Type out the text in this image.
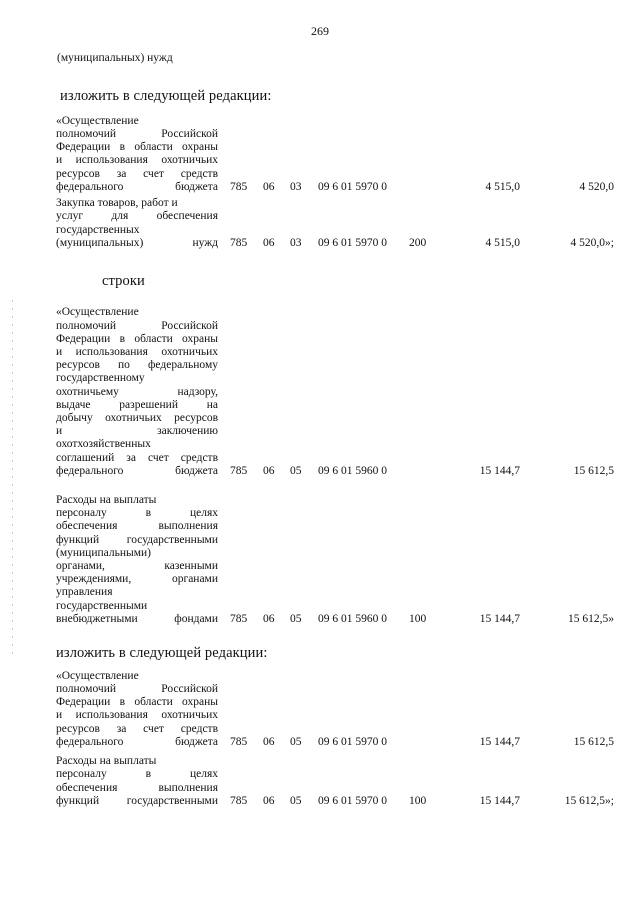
269
(муниципальных) нужд
изложить в следующей редакции:
«Осуществление
полномочий Российской
Федерации в области охраны
и использования охотничьих
ресурсов за счет средств
федерального бюджета 785 06 03 09 6 01 5970 0	4 515,0	4 520,0
Закупка товаров, работ и
услуг для обеспечения
государственных
(муниципальных) нужд 785 06 03 09 6 01 5970 0 200	4 515,0	4 520,0»;
строки
«Осуществление
полномочий Российской
Федерации в области охраны
и использования охотничьих
ресурсов по федеральному
государственному
охотничьему надзору,
выдаче разрешений на
добычу охотничьих ресурсов
и заключению
охотхозяйственных
соглашений за счет средств
федерального бюджета 785 06 05 09 6 01 5960 0	15 144,7	15 612,5
Расходы на выплаты
персоналу в целях
обеспечения выполнения
функций государственными
(муниципальными)
органами, казенными
учреждениями, органами
управления
государственными
внебюджетными фондами 785 06 05 09 6 01 5960 0 100	15 144,7	15 612,5»
изложить в следующей редакции:
«Осуществление
полномочий Российской
Федерации в области охраны
и использования охотничьих
ресурсов за счет средств
федерального бюджета 785 06 05 09 6 01 5970 0	15 144,7	15 612,5
Расходы на выплаты
персоналу в целях
обеспечения выполнения
функций государственными 785 06 05 09 6 01 5970 0 100	15 144,7	15 612,5»;
